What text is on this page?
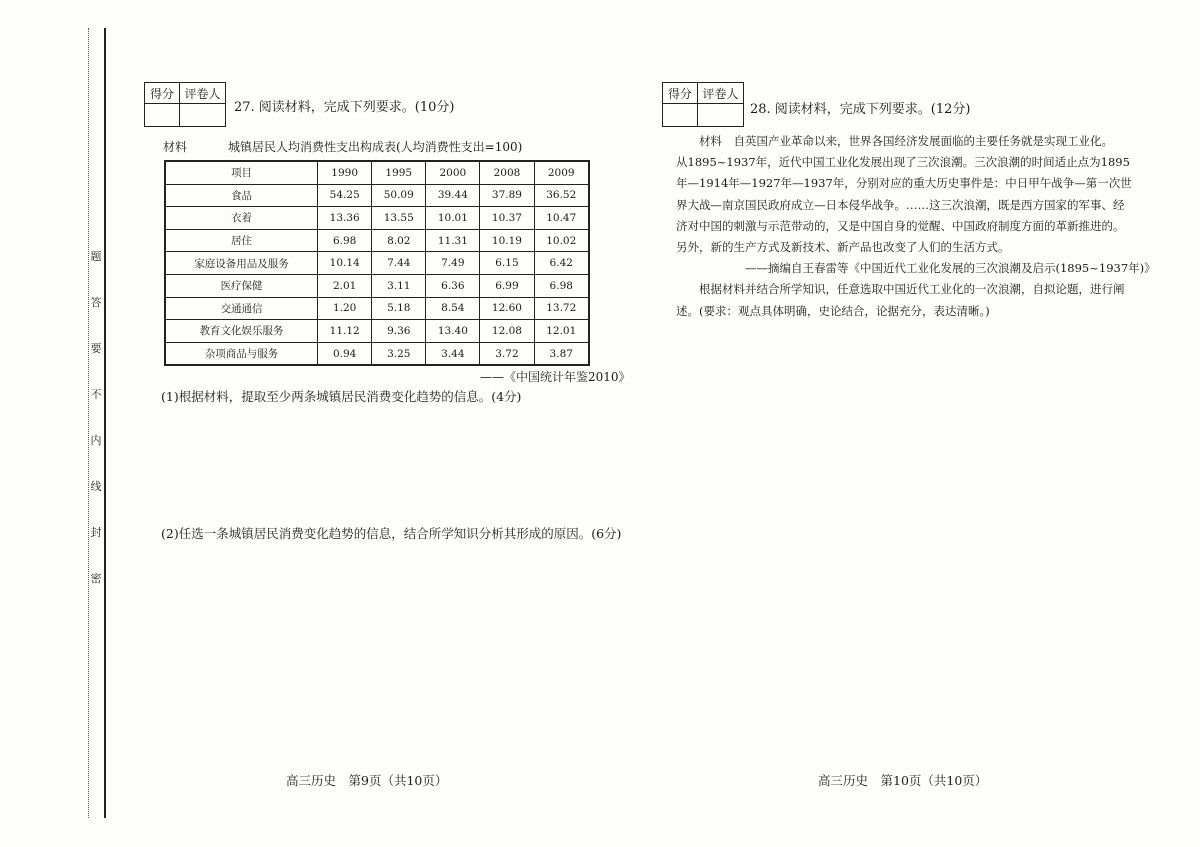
密
封
线
内
不
要
答
题
得分	评卷人

27. 阅读材料，完成下列要求。(10分)
材料	城镇居民人均消费性支出构成表(人均消费性支出=100)
项目	1990	1995	2000	2008	2009
食品	54.25	50.09	39.44	37.89	36.52
衣着	13.36	13.55	10.01	10.37	10.47
居住	6.98	8.02	11.31	10.19	10.02
家庭设备用品及服务	10.14	7.44	7.49	6.15	6.42
医疗保健	2.01	3.11	6.36	6.99	6.98
交通通信	1.20	5.18	8.54	12.60	13.72
教育文化娱乐服务	11.12	9.36	13.40	12.08	12.01
杂项商品与服务	0.94	3.25	3.44	3.72	3.87
——《中国统计年鉴2010》
(1)根据材料，提取至少两条城镇居民消费变化趋势的信息。(4分)
(2)任选一条城镇居民消费变化趋势的信息，结合所学知识分析其形成的原因。(6分)
得分	评卷人

28. 阅读材料，完成下列要求。(12分)

　　材料　自英国产业革命以来，世界各国经济发展面临的主要任务就是实现工业化。

从1895~1937年，近代中国工业化发展出现了三次浪潮。三次浪潮的时间适止点为1895

年—1914年—1927年—1937年，分别对应的重大历史事件是：中日甲午战争—第一次世

界大战—南京国民政府成立—日本侵华战争。……这三次浪潮，既是西方国家的军事、经

济对中国的刺激与示范带动的，又是中国自身的觉醒、中国政府制度方面的革新推进的。

另外，新的生产方式及新技术、新产品也改变了人们的生活方式。

　　　　　　——摘编自王春雷等《中国近代工业化发展的三次浪潮及启示(1895~1937年)》

　　根据材料并结合所学知识，任意选取中国近代工业化的一次浪潮，自拟论题，进行阐

述。(要求：观点具体明确，史论结合，论据充分，表达清晰。)

高三历史　第9页（共10页）	高三历史　第10页（共10页）
